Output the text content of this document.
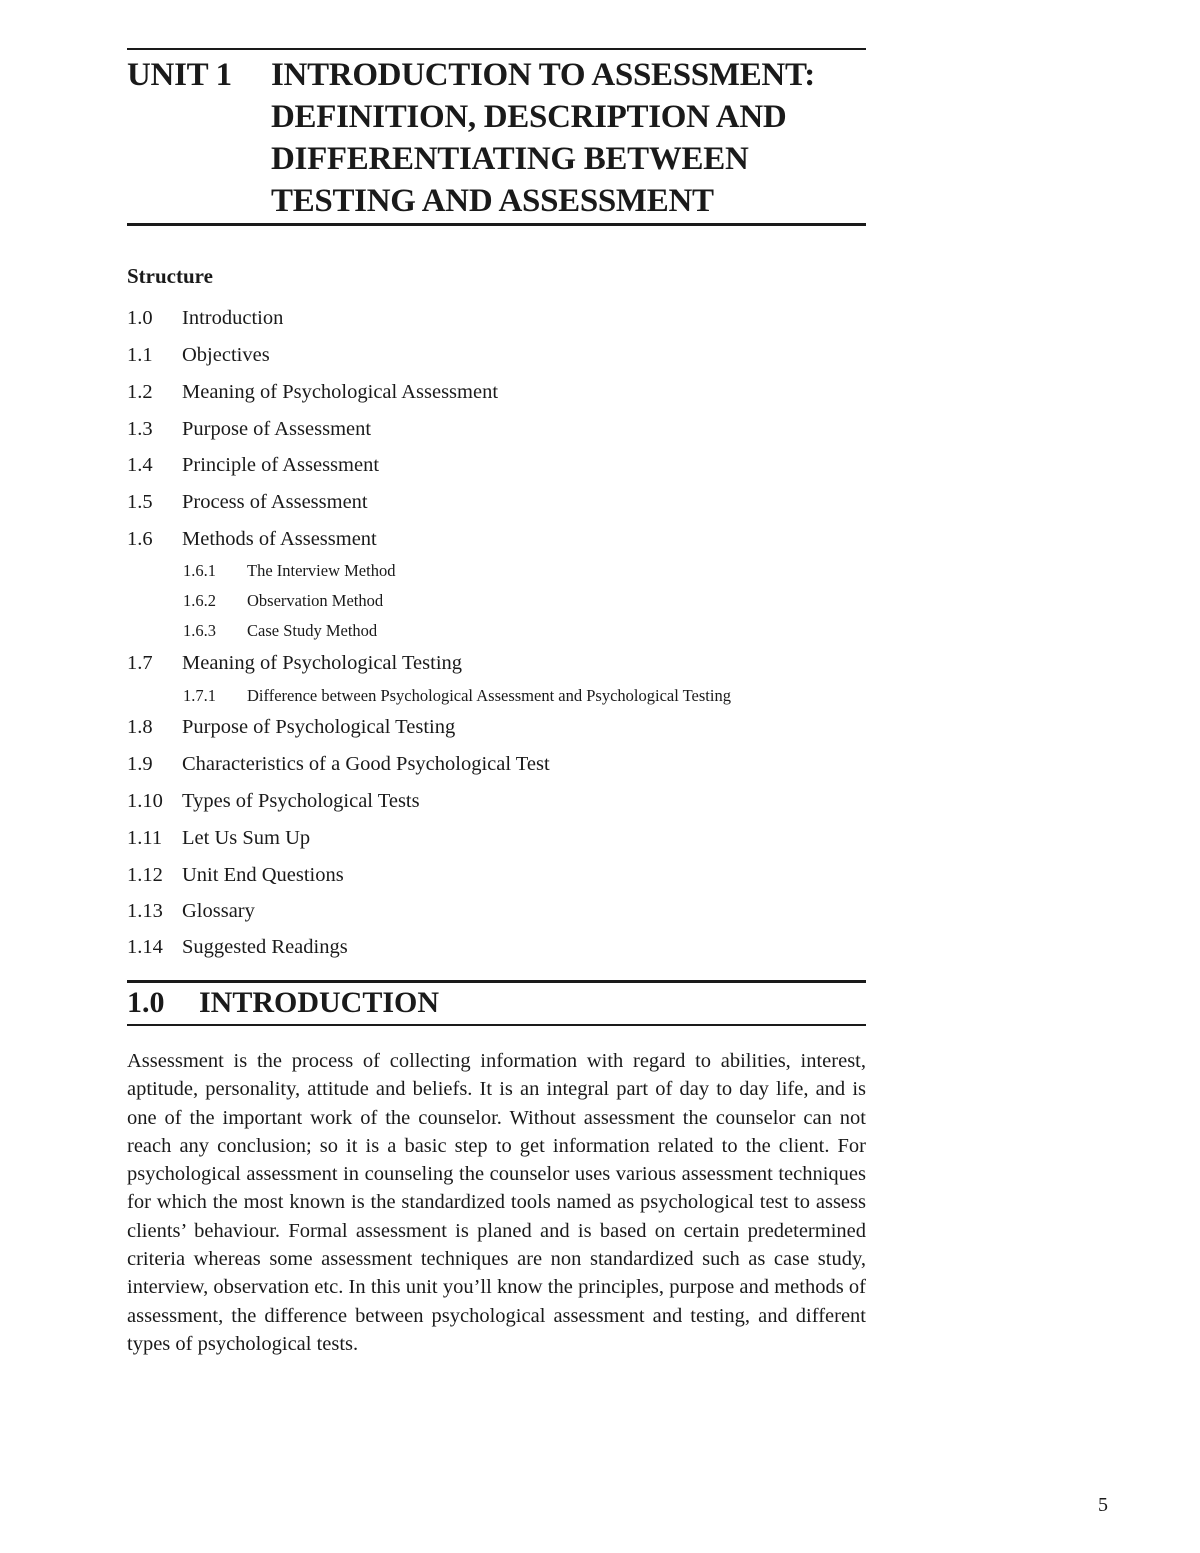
UNIT 1 INTRODUCTION TO ASSESSMENT:
DEFINITION, DESCRIPTION AND
DIFFERENTIATING BETWEEN
TESTING AND ASSESSMENT
Structure
1.0 Introduction
1.1 Objectives
1.2 Meaning of Psychological Assessment
1.3 Purpose of Assessment
1.4 Principle of Assessment
1.5 Process of Assessment
1.6 Methods of Assessment
1.6.1 The Interview Method
1.6.2 Observation Method
1.6.3 Case Study Method
1.7 Meaning of Psychological Testing
1.7.1 Difference between Psychological Assessment and Psychological Testing
1.8 Purpose of Psychological Testing
1.9 Characteristics of a Good Psychological Test
1.10 Types of Psychological Tests
1.11 Let Us Sum Up
1.12 Unit End Questions
1.13 Glossary
1.14 Suggested Readings
1.0 INTRODUCTION

Assessment is the process of collecting information with regard to abilities, interest, aptitude, personality, attitude and beliefs. It is an integral part of day to day life, and is one of the important work of the counselor. Without assessment the counselor can not reach any conclusion; so it is a basic step to get information related to the client. For psychological assessment in counseling the counselor uses various assessment techniques for which the most known is the standardized tools named as psychological test to assess clients’ behaviour. Formal assessment is planed and is based on certain predetermined criteria whereas some assessment techniques are non standardized such as case study, interview, observation etc. In this unit you’ll know the principles, purpose and methods of assessment, the difference between psychological assessment and testing, and different types of psychological tests.

5
